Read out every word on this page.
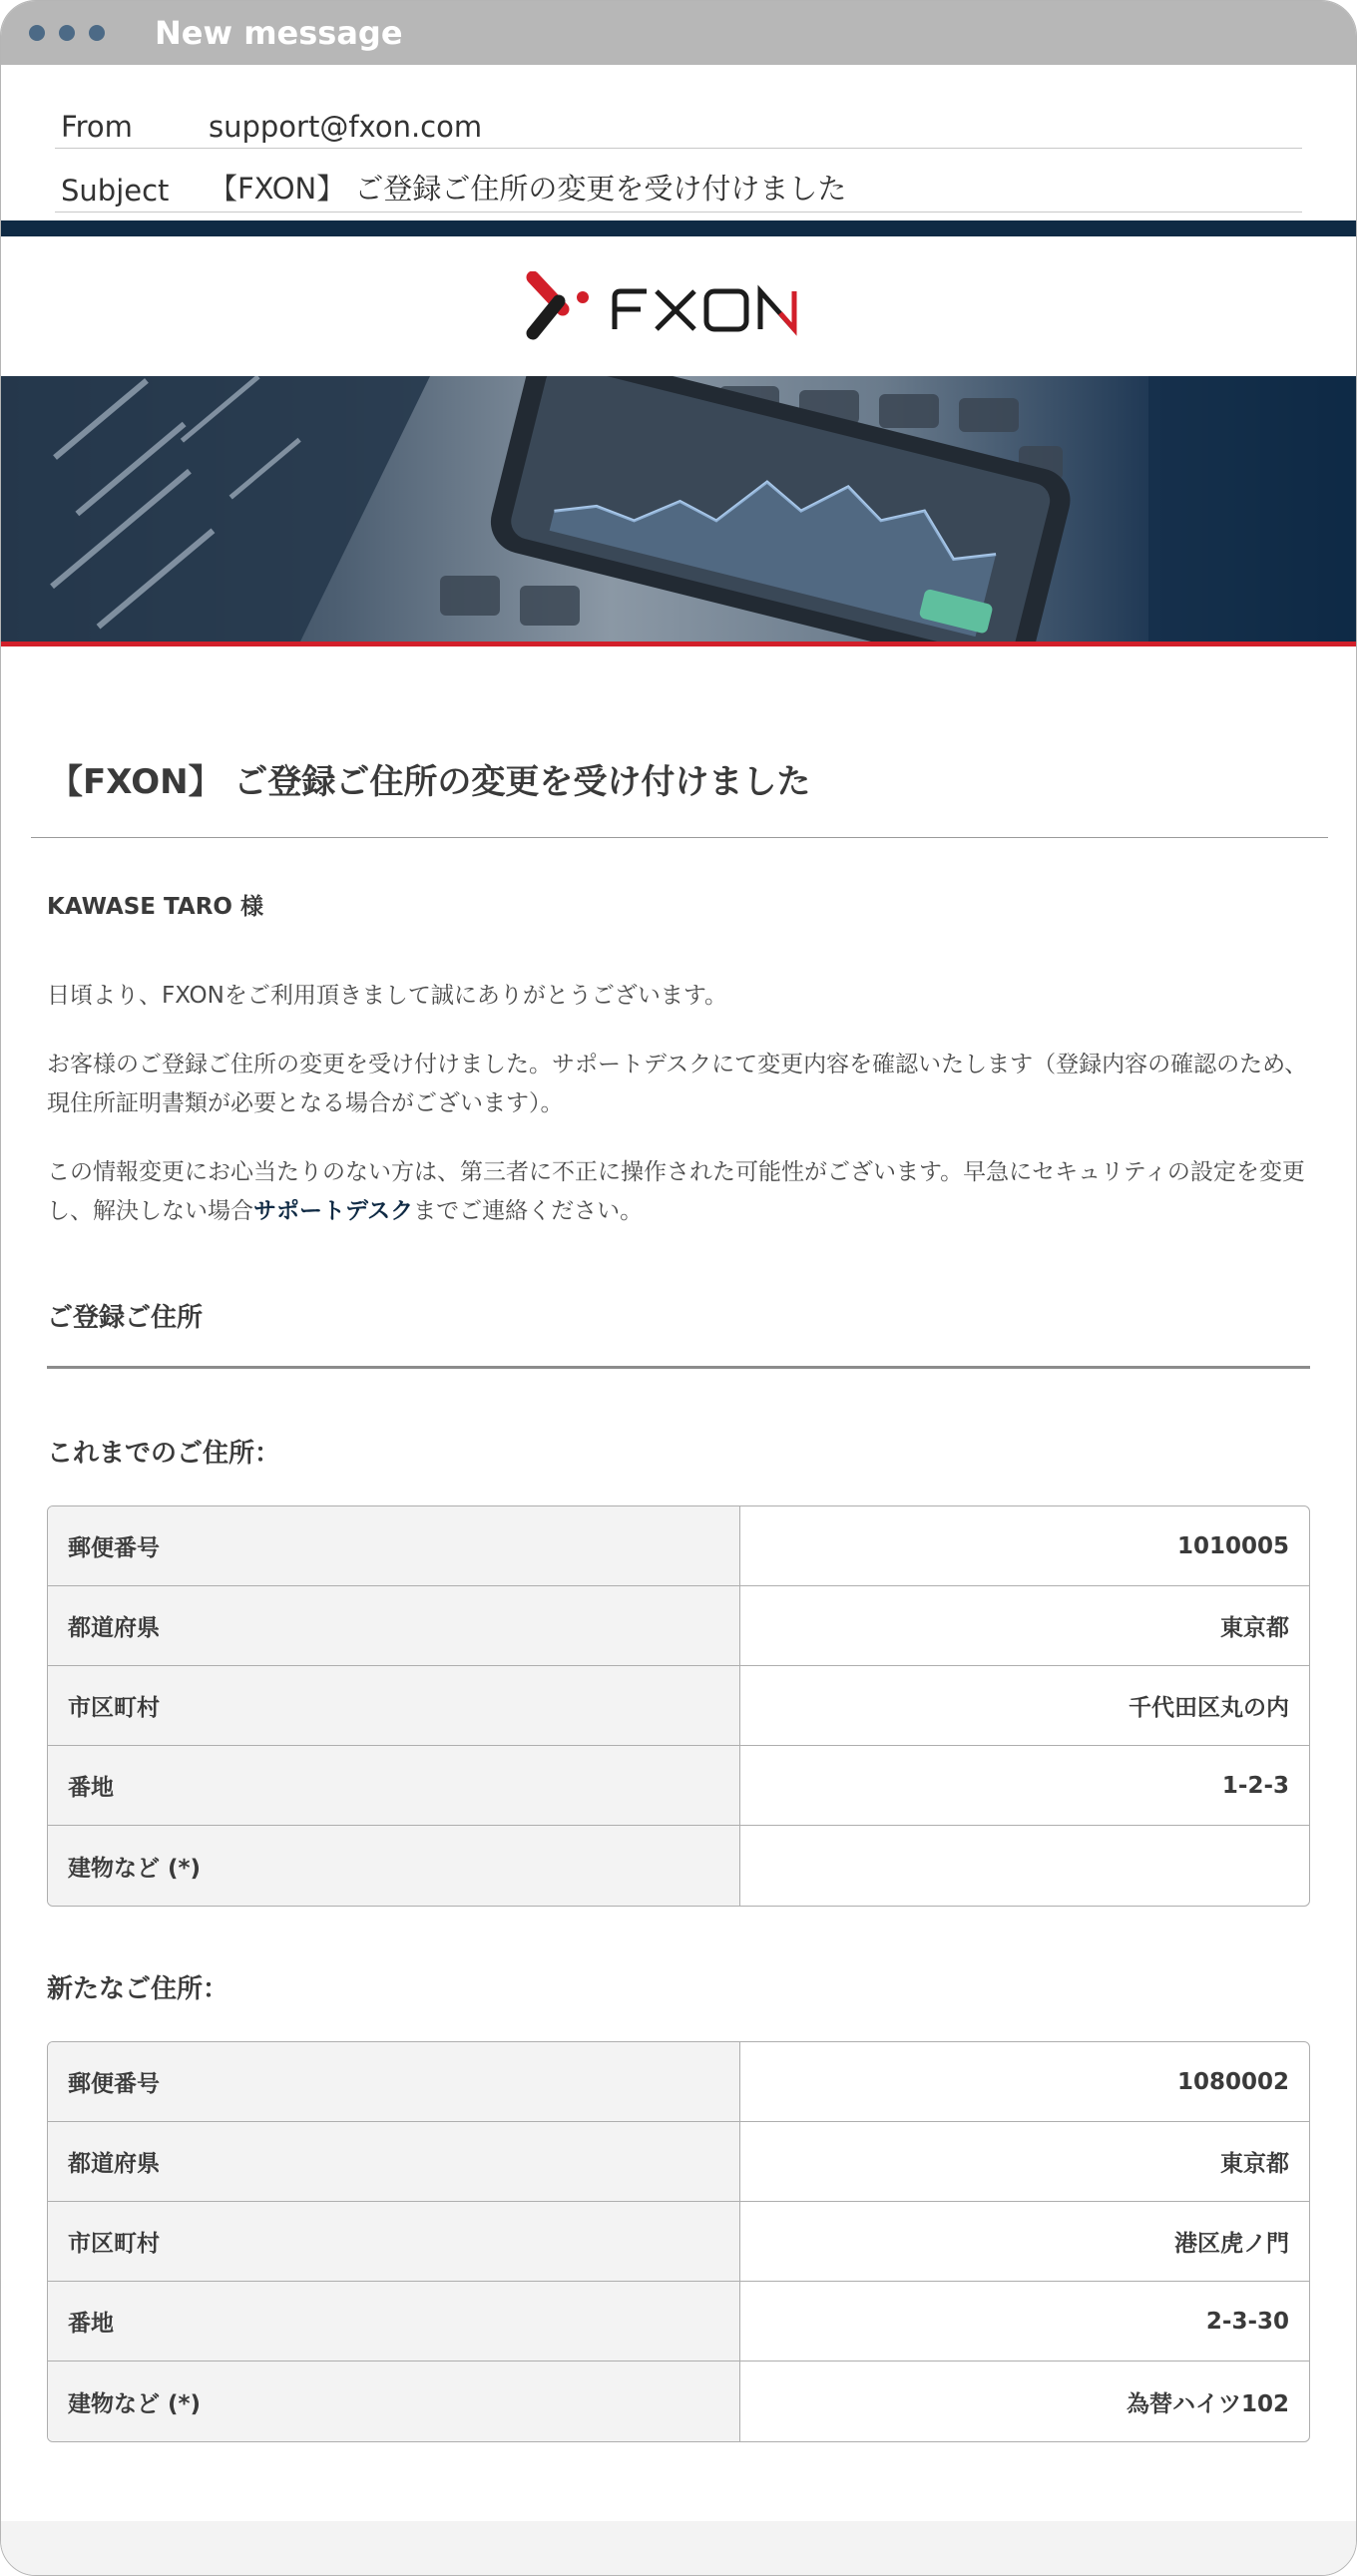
New message
From	support@fxon.com
Subject	【FXON】 ご登録ご住所の変更を受け付けました
【FXON】 ご登録ご住所の変更を受け付けました
KAWASE TARO 様

日頃より、FXONをご利用頂きまして誠にありがとうございます。

お客様のご登録ご住所の変更を受け付けました。サポートデスクにて変更内容を確認いたします（登録内容の確認のため、現住所証明書類が必要となる場合がございます）。

この情報変更にお心当たりのない方は、第三者に不正に操作された可能性がございます。早急にセキュリティの設定を変更し、解決しない場合サポートデスクまでご連絡ください。

ご登録ご住所
これまでのご住所：
郵便番号	1010005
都道府県	東京都
市区町村	千代田区丸の内
番地	1-2-3
建物など (*)	
新たなご住所：
郵便番号	1080002
都道府県	東京都
市区町村	港区虎ノ門
番地	2-3-30
建物など (*)	為替ハイツ102
